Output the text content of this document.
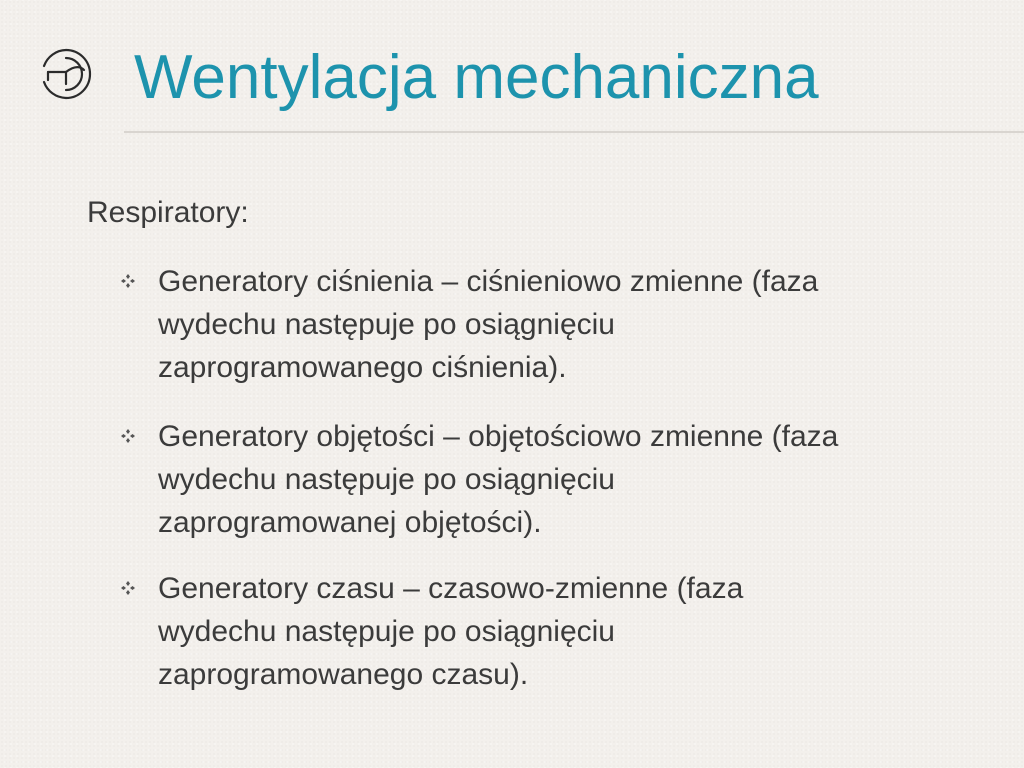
Wentylacja mechaniczna
Respiratory:
Generatory ciśnienia – ciśnieniowo zmienne (faza
wydechu następuje po osiągnięciu
zaprogramowanego ciśnienia).
Generatory objętości – objętościowo zmienne (faza
wydechu następuje po osiągnięciu
zaprogramowanej objętości).
Generatory czasu – czasowo-zmienne (faza
wydechu następuje po osiągnięciu
zaprogramowanego czasu).
